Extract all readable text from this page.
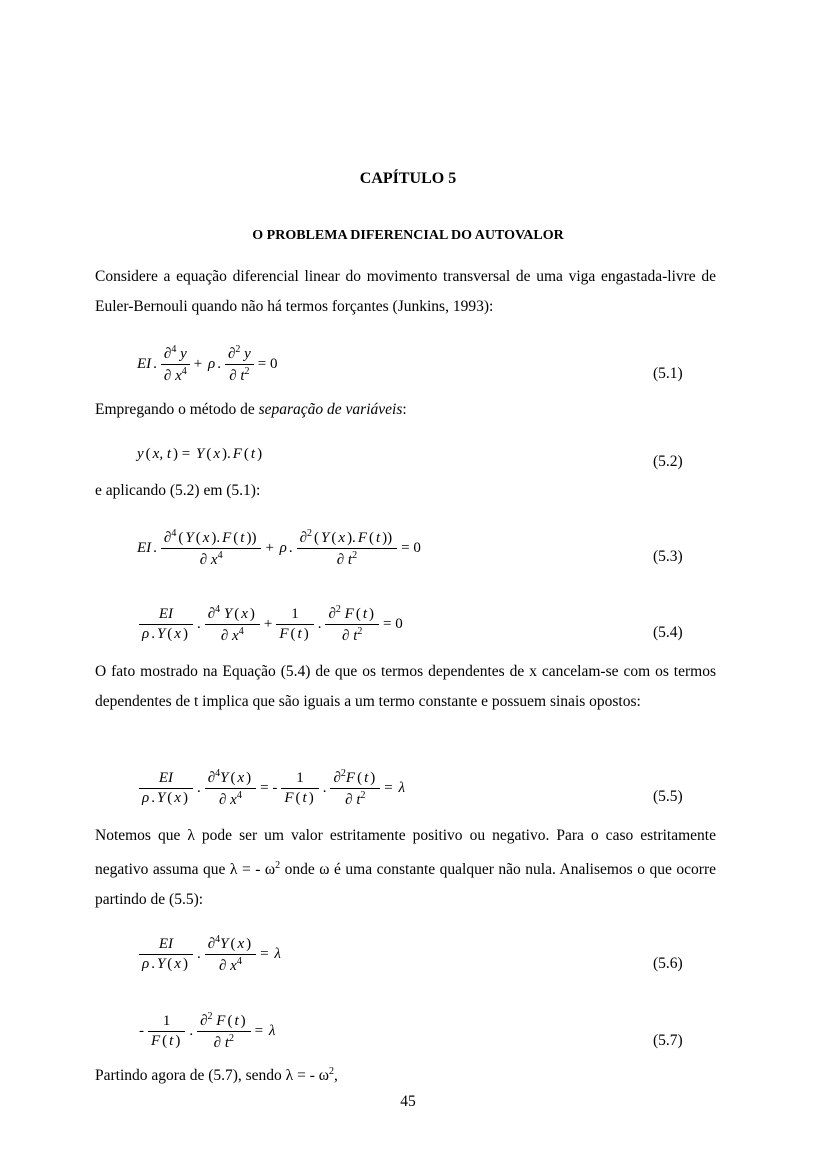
CAPÍTULO 5
O PROBLEMA DIFERENCIAL DO AUTOVALOR
Considere a equação diferencial linear do movimento transversal de uma viga engastada-livre de Euler-Bernouli quando não há termos forçantes (Junkins, 1993):
EI . $\frac{\partial^4 y}{\partial x^4} + \rho$ . $\frac{\partial^2 y}{\partial t^2} = 0$
(5.1)
Empregando o método de separação de variáveis:
y ( x, t ) = Y ( x ). F ( t )	(5.2)
e aplicando (5.2) em (5.1):
EI . $\frac{\partial^4 ( Y ( x ). F ( t ))}{\partial x^4} + \rho$ . $\frac{\partial^2 ( Y ( x ). F ( t ))}{\partial t^2} = 0$
(5.3)
$\frac{EI}{\rho . Y ( x )}$ . $\frac{\partial^4 Y ( x )}{\partial x^4} + \frac{1}{F ( t )}$ . $\frac{\partial^2 F ( t )}{\partial t^2} = 0$
(5.4)
O fato mostrado na Equação (5.4) de que os termos dependentes de x cancelam-se com os termos dependentes de t implica que são iguais a um termo constante e possuem sinais opostos:
$\frac{EI}{\rho . Y ( x )}$ . $\frac{\partial^4Y ( x )}{\partial x^4}$ = - $\frac{1}{F ( t )}$ . $\frac{\partial^2F ( t )}{\partial t^2} = \lambda$
(5.5)
Notemos que λ pode ser um valor estritamente positivo ou negativo. Para o caso estritamente negativo assuma que λ = - $\omega^2$ onde ω é uma constante qualquer não nula. Analisemos o que ocorre partindo de (5.5):
$\frac{EI}{\rho . Y ( x )}$ . $\frac{\partial^4Y ( x )}{\partial x^4} = \lambda$
(5.6)
- $\frac{1}{F ( t )}$ . $\frac{\partial^2 F ( t )}{\partial t^2} = \lambda$
(5.7)
Partindo agora de (5.7), sendo λ = - $\omega^2$,
45
